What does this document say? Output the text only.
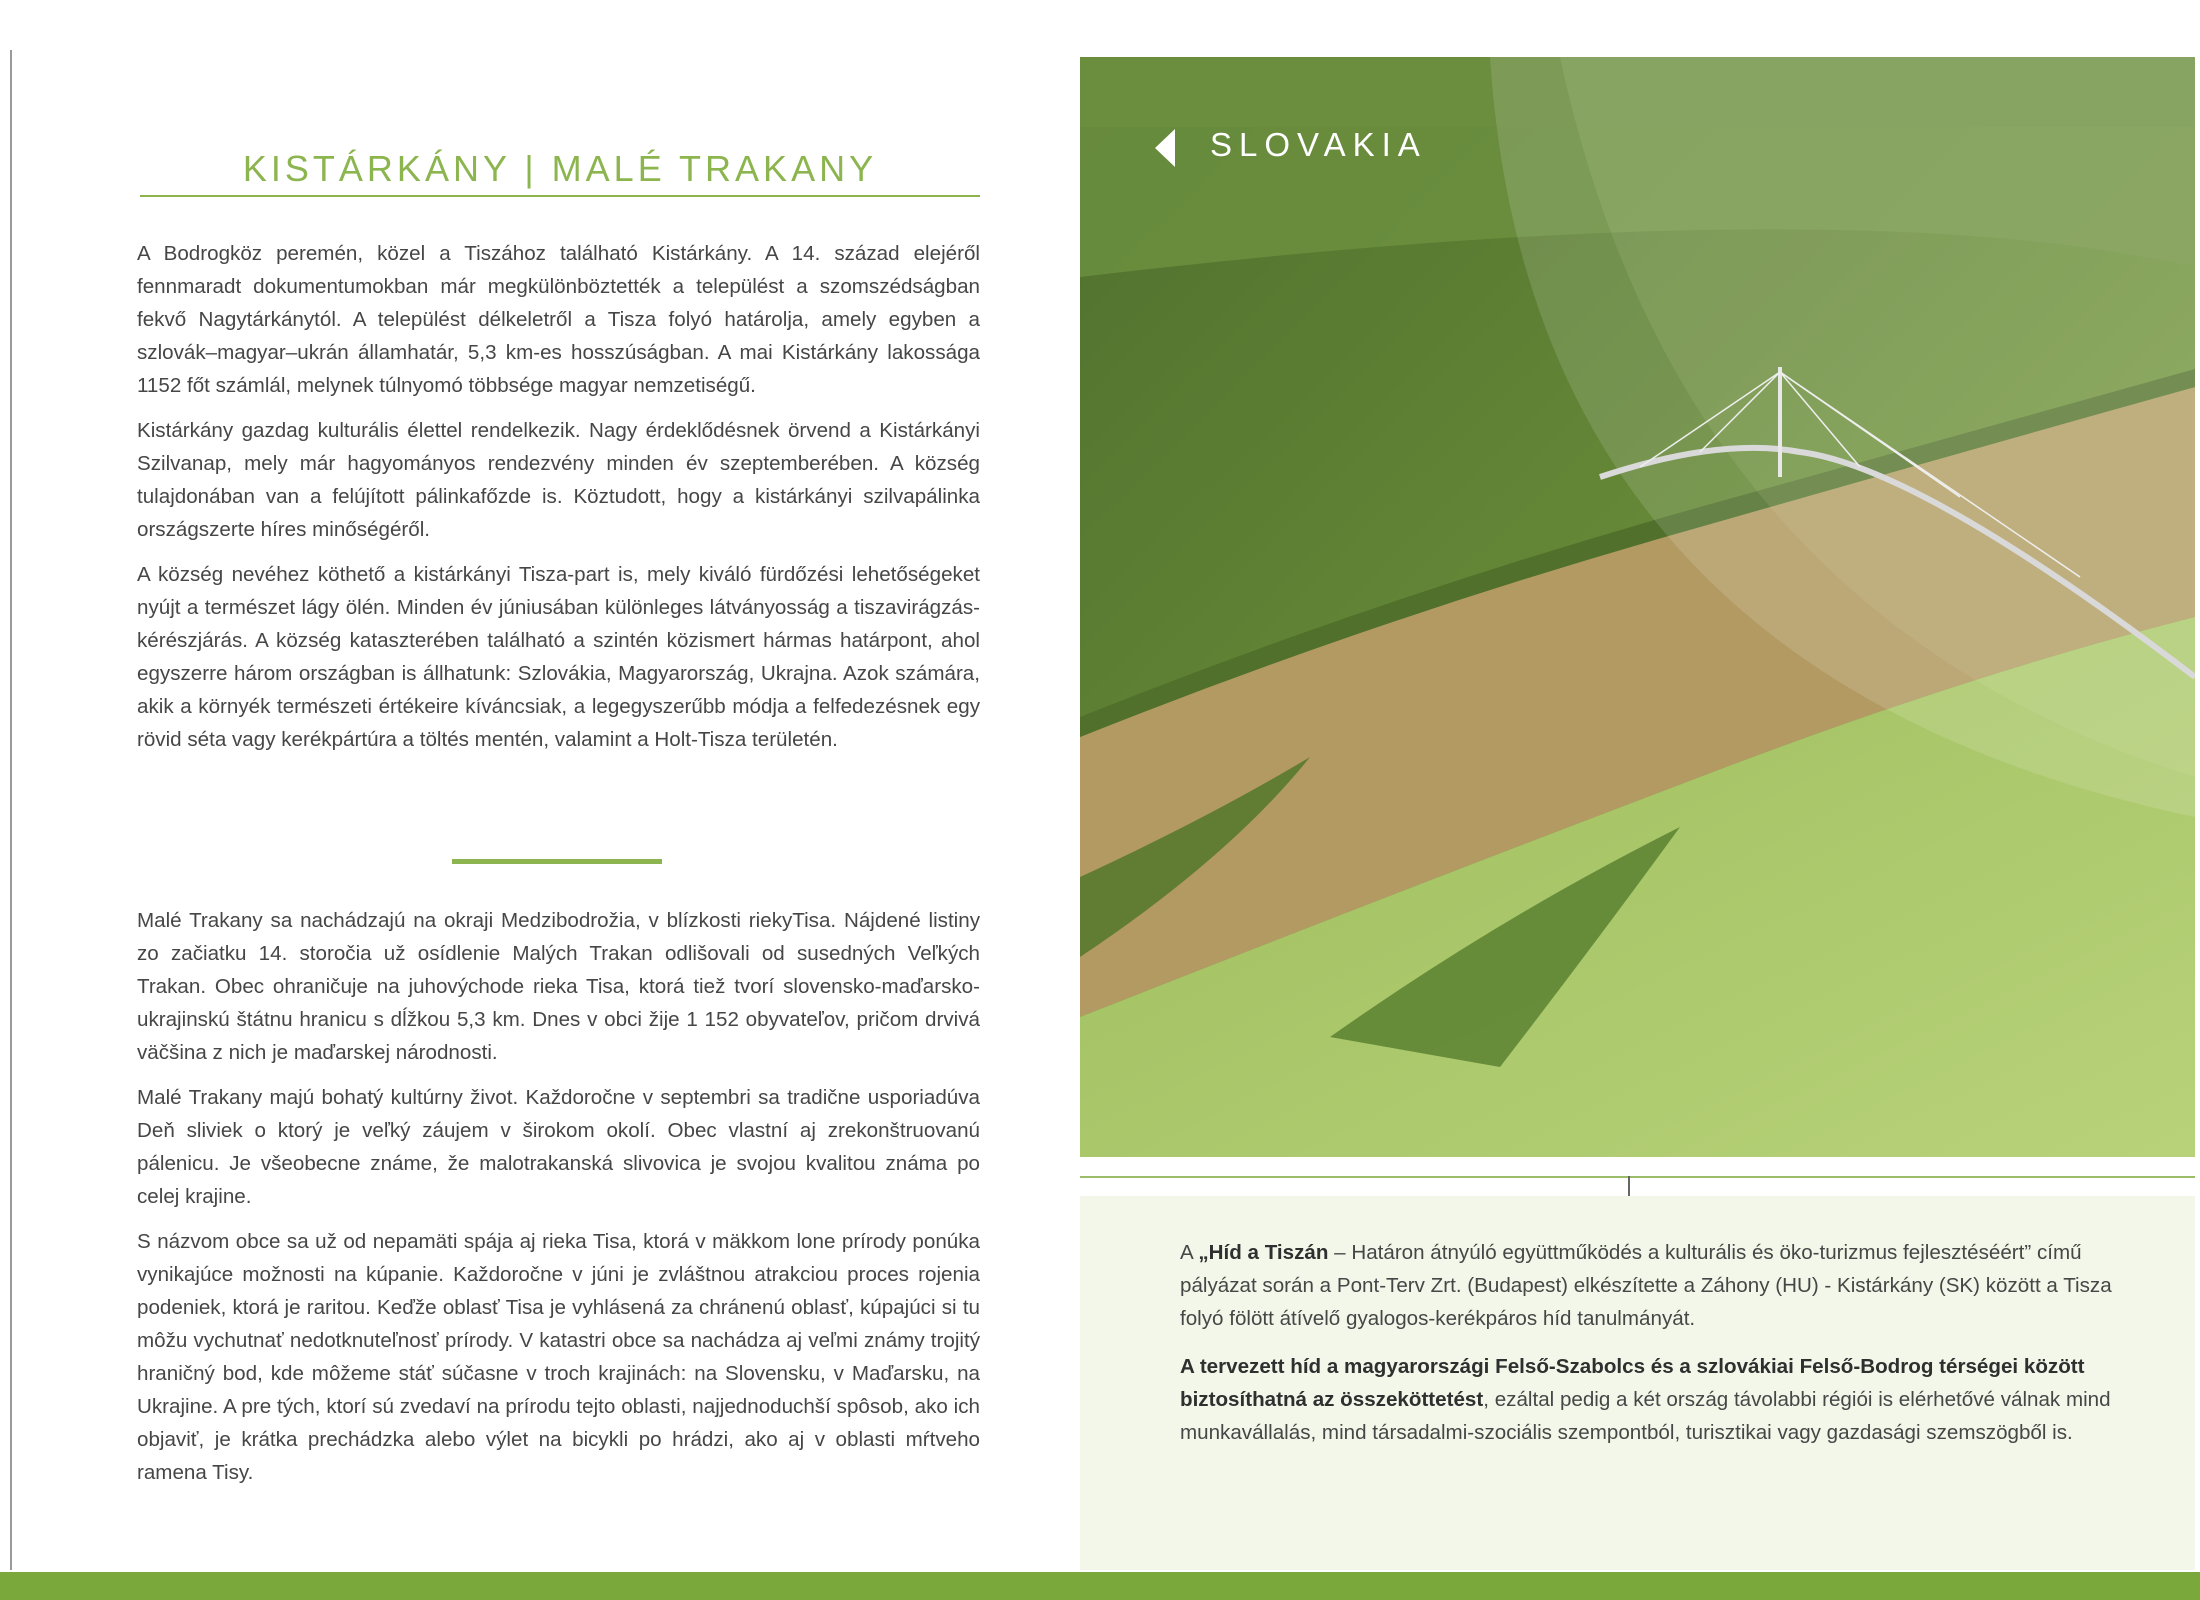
KISTÁRKÁNY | MALÉ TRAKANY

A Bodrogköz peremén, közel a Tiszához található Kistárkány. A 14. század elejéről fennmaradt dokumentumokban már megkülönböztették a települést a szomszédságban fekvő Nagytárkánytól. A települést délkeletről a Tisza folyó határolja, amely egyben a szlovák–magyar–ukrán államhatár, 5,3 km-es hosszúságban. A mai Kistárkány lakossága 1152 főt számlál, melynek túlnyomó többsége magyar nemzetiségű.

Kistárkány gazdag kulturális élettel rendelkezik. Nagy érdeklődésnek örvend a Kistárkányi Szilvanap, mely már hagyományos rendezvény minden év szeptemberében. A község tulajdonában van a felújított pálinkafőzde is. Köztudott, hogy a kistárkányi szilvapálinka országszerte híres minőségéről.

A község nevéhez köthető a kistárkányi Tisza-part is, mely kiváló fürdőzési lehetőségeket nyújt a természet lágy ölén. Minden év júniusában különleges látványosság a tiszavirágzás-kérészjárás. A község kataszterében található a szintén közismert hármas határpont, ahol egyszerre három országban is állhatunk: Szlovákia, Magyarország, Ukrajna. Azok számára, akik a környék természeti értékeire kíváncsiak, a legegyszerűbb módja a felfedezésnek egy rövid séta vagy kerékpártúra a töltés mentén, valamint a Holt-Tisza területén.

Malé Trakany sa nachádzajú na okraji Medzibodrožia, v blízkosti riekyTisa. Nájdené listiny zo začiatku 14. storočia už osídlenie Malých Trakan odlišovali od susedných Veľkých Trakan. Obec ohraničuje na juhovýchode rieka Tisa, ktorá tiež tvorí slovensko-maďarsko-ukrajinskú štátnu hranicu s dĺžkou 5,3 km. Dnes v obci žije 1 152 obyvateľov, pričom drvivá väčšina z nich je maďarskej národnosti.

Malé Trakany majú bohatý kultúrny život. Každoročne v septembri sa tradične usporiadúva Deň sliviek o ktorý je veľký záujem v širokom okolí. Obec vlastní aj zrekonštruovanú pálenicu. Je všeobecne známe, že malotrakanská slivovica je svojou kvalitou známa po celej krajine.

S názvom obce sa už od nepamäti spája aj rieka Tisa, ktorá v mäkkom lone prírody ponúka vynikajúce možnosti na kúpanie. Každoročne v júni je zvláštnou atrakciou proces rojenia podeniek, ktorá je raritou. Keďže oblasť Tisa je vyhlásená za chránenú oblasť, kúpajúci si tu môžu vychutnať nedotknuteľnosť prírody. V katastri obce sa nachádza aj veľmi známy trojitý hraničný bod, kde môžeme stáť súčasne v troch krajinách: na Slovensku, v Maďarsku, na Ukrajine. A pre tých, ktorí sú zvedaví na prírodu tejto oblasti, najjednoduchší spôsob, ako ich objaviť, je krátka prechádzka alebo výlet na bicykli po hrádzi, ako aj v oblasti mŕtveho ramena Tisy.

SLOVAKIA
A „Híd a Tiszán – Határon átnyúló együttműködés a kulturális és öko-turizmus fejlesztéséért” című pályázat során a Pont-Terv Zrt. (Budapest) elkészítette a Záhony (HU) - Kistárkány (SK) között a Tisza folyó fölött átívelő gyalogos-kerékpáros híd tanulmányát.
A tervezett híd a magyarországi Felső-Szabolcs és a szlovákiai Felső-Bodrog térségei között biztosíthatná az összeköttetést, ezáltal pedig a két ország távolabbi régiói is elérhetővé válnak mind munkavállalás, mind társadalmi-szociális szempontból, turisztikai vagy gazdasági szemszögből is.
